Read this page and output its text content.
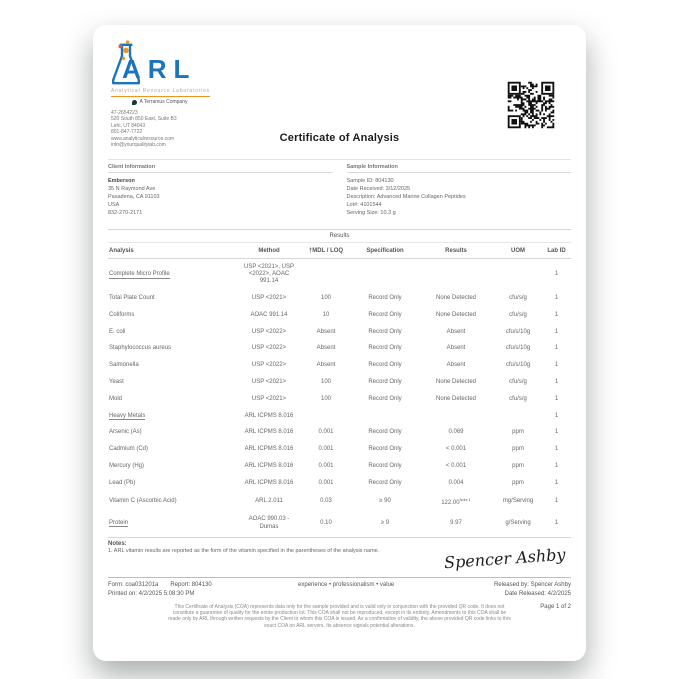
ARL
Analytical Resource Laboratories
A Terramus Company
47-2654223
520 South 850 East, Suite B3
Lehi, UT 84043
801-847-7722
www.analyticalresource.com
info@yourqualitylab.com
Certificate of Analysis
Client Information
Emberson
35 N Raymond Ave
Pasadena, CA 91103
USA
832-270-2171
Sample Information
Sample ID: 804130
Date Received: 3/12/2025
Description: Advanced Marine Collagen Peptides
Lot#: 4101544
Serving Size: 10.3 g
Results
Analysis	Method	†MDL / LOQ	Specification	Results	UOM	Lab ID
Complete Micro Profile	USP <2021>, USP <2022>, AOAC 991.14					1
Total Plate Count	USP <2021>	100	Record Only	None Detected	cfu/s/g	1
Coliforms	AOAC 991.14	10	Record Only	None Detected	cfu/s/g	1
E. coli	USP <2022>	Absent	Record Only	Absent	cfu/s/10g	1
Staphylococcus aureus	USP <2022>	Absent	Record Only	Absent	cfu/s/10g	1
Salmonella	USP <2022>	Absent	Record Only	Absent	cfu/s/10g	1
Yeast	USP <2021>	100	Record Only	None Detected	cfu/s/g	1
Mold	USP <2021>	100	Record Only	None Detected	cfu/s/g	1
Heavy Metals	ARL ICPMS 8.016					1
Arsenic (As)	ARL ICPMS 8.016	0.001	Record Only	0.069	ppm	1
Cadmium (Cd)	ARL ICPMS 8.016	0.001	Record Only	< 0.001	ppm	1
Mercury (Hg)	ARL ICPMS 8.016	0.001	Record Only	< 0.001	ppm	1
Lead (Pb)	ARL ICPMS 8.016	0.001	Record Only	0.004	ppm	1
Vitamin C (Ascorbic Acid)	ARL 2.011	0.03	≥ 90	$122.00^{Note 1}$	mg/Serving	1
Protein	AOAC 990.03 - Dumas	0.10	≥ 9	9.97	g/Serving	1
Notes:
1. ARL vitamin results are reported as the form of the vitamin specified in the parentheses of the analysis name.
Form: coa031201a Report: 804130
Printed on: 4/2/2025 5:08:30 PM
experience • professionalism • value
Spencer Ashby
Released by: Spencer Ashby
Date Released: 4/2/2025
This Certificate of Analysis (COA) represents data only for the sample provided and is valid only in conjunction with the provided QR code. It does not constitute a guarantee of quality for the entire production lot. This COA shall not be reproduced, except in its entirety. Amendments to this COA shall be made only by ARL through written requests by the Client to whom this COA is issued. As a confirmation of validity, the above provided QR code links to this exact COA on ARL servers. Its absence signals potential alterations.
Page 1 of 2
